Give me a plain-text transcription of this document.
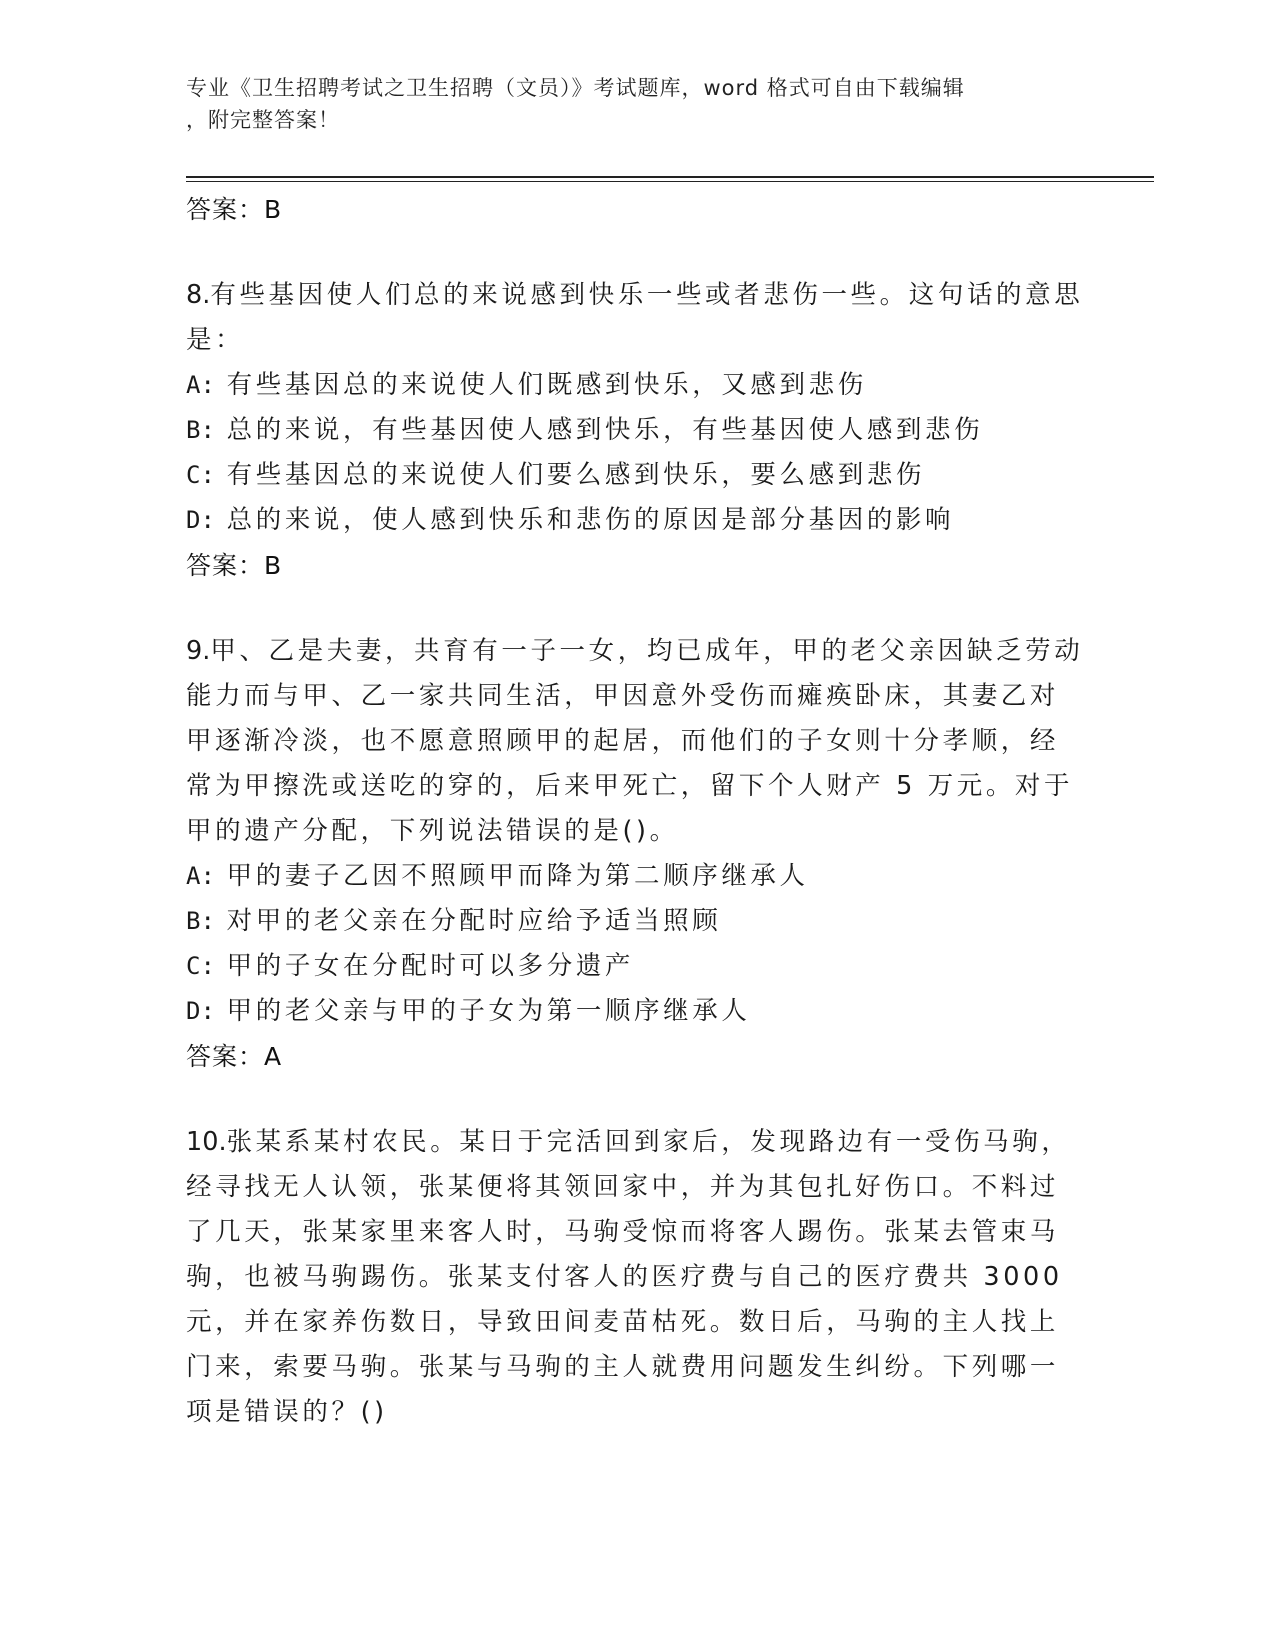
专业《卫生招聘考试之卫生招聘（文员）》考试题库，word 格式可自由下载编辑
，附完整答案！
答案：B
8.有些基因使人们总的来说感到快乐一些或者悲伤一些。这句话的意思是：
A: 有些基因总的来说使人们既感到快乐，又感到悲伤
B: 总的来说，有些基因使人感到快乐，有些基因使人感到悲伤
C: 有些基因总的来说使人们要么感到快乐，要么感到悲伤
D: 总的来说，使人感到快乐和悲伤的原因是部分基因的影响
答案：B
9.甲、乙是夫妻，共育有一子一女，均已成年，甲的老父亲因缺乏劳动能力而与甲、乙一家共同生活，甲因意外受伤而瘫痪卧床，其妻乙对甲逐渐冷淡，也不愿意照顾甲的起居，而他们的子女则十分孝顺，经常为甲擦洗或送吃的穿的，后来甲死亡，留下个人财产 5 万元。对于甲的遗产分配，下列说法错误的是()。
A: 甲的妻子乙因不照顾甲而降为第二顺序继承人
B: 对甲的老父亲在分配时应给予适当照顾
C: 甲的子女在分配时可以多分遗产
D: 甲的老父亲与甲的子女为第一顺序继承人
答案：A
10.张某系某村农民。某日于完活回到家后，发现路边有一受伤马驹，经寻找无人认领，张某便将其领回家中，并为其包扎好伤口。不料过了几天，张某家里来客人时，马驹受惊而将客人踢伤。张某去管束马驹，也被马驹踢伤。张某支付客人的医疗费与自己的医疗费共 3000 元，并在家养伤数日，导致田间麦苗枯死。数日后，马驹的主人找上门来，索要马驹。张某与马驹的主人就费用问题发生纠纷。下列哪一项是错误的？()
